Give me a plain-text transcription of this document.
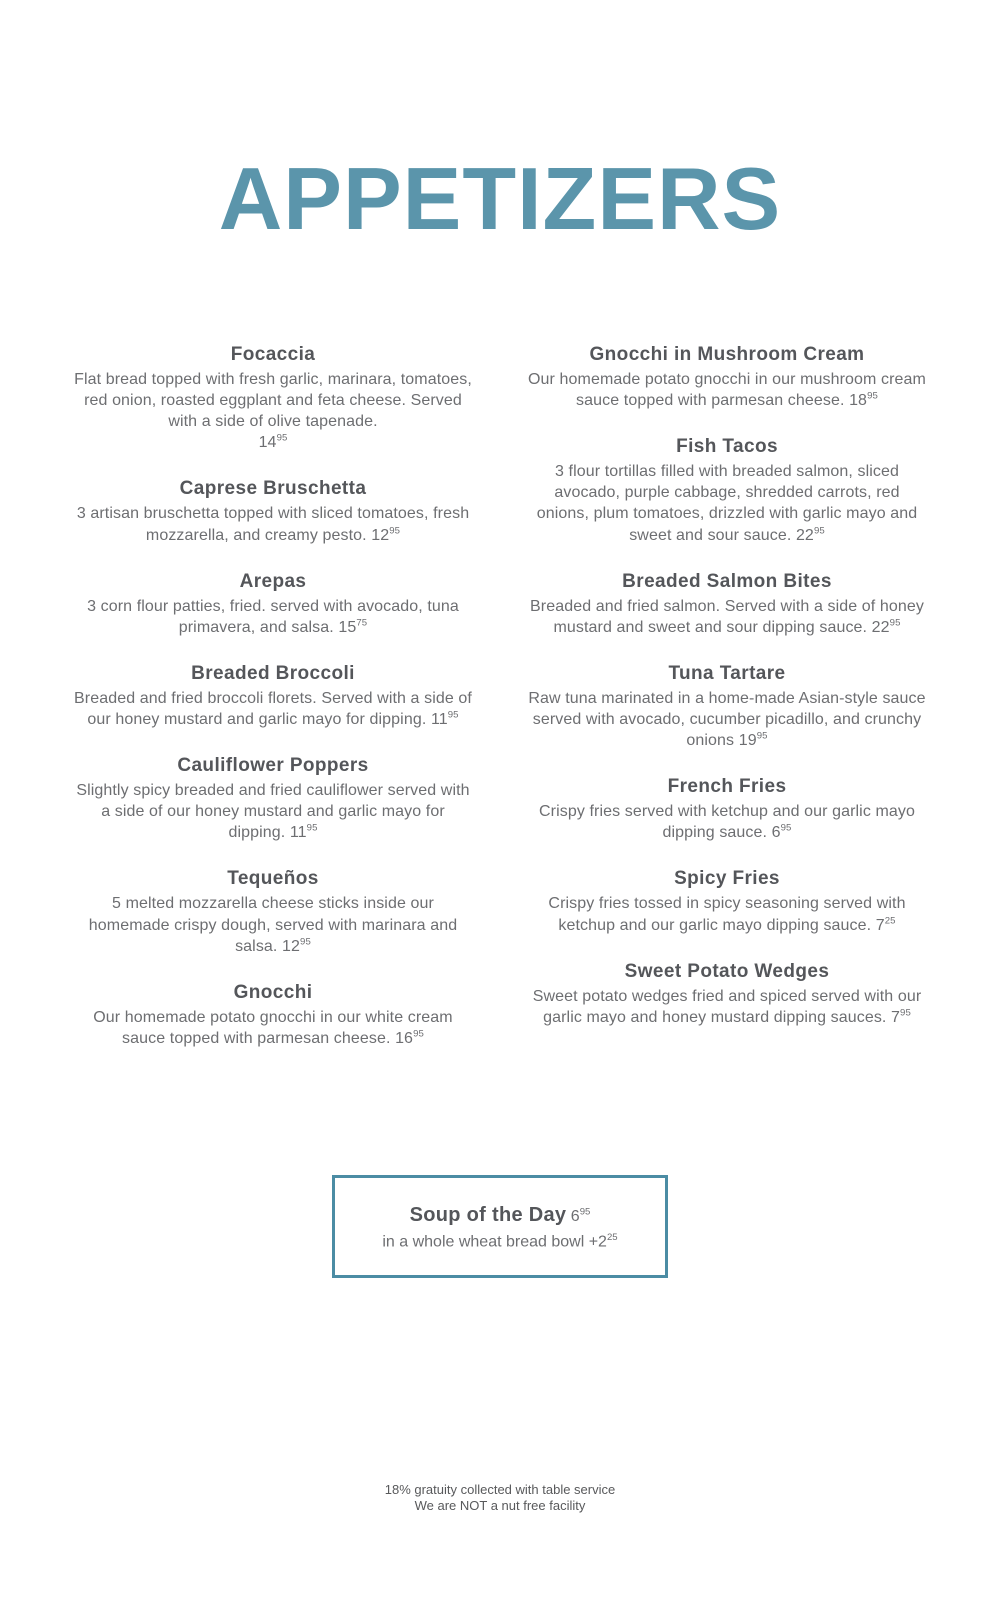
APPETIZERS
Focaccia

Flat bread topped with fresh garlic, marinara, tomatoes, red onion, roasted eggplant and feta cheese. Served with a side of olive tapenade.
$14^{95}$

Caprese Bruschetta

3 artisan bruschetta topped with sliced tomatoes, fresh mozzarella, and creamy pesto. $12^{95}$

Arepas

3 corn flour patties, fried. served with avocado, tuna primavera, and salsa. $15^{75}$

Breaded Broccoli

Breaded and fried broccoli florets. Served with a side of our honey mustard and garlic mayo for dipping. $11^{95}$

Cauliflower Poppers

Slightly spicy breaded and fried cauliflower served with a side of our honey mustard and garlic mayo for dipping. $11^{95}$

Tequeños

5 melted mozzarella cheese sticks inside our homemade crispy dough, served with marinara and salsa. $12^{95}$

Gnocchi

Our homemade potato gnocchi in our white cream sauce topped with parmesan cheese. $16^{95}$

Gnocchi in Mushroom Cream

Our homemade potato gnocchi in our mushroom cream sauce topped with parmesan cheese. $18^{95}$

Fish Tacos

3 flour tortillas filled with breaded salmon, sliced avocado, purple cabbage, shredded carrots, red onions, plum tomatoes, drizzled with garlic mayo and sweet and sour sauce. $22^{95}$

Breaded Salmon Bites

Breaded and fried salmon. Served with a side of honey mustard and sweet and sour dipping sauce. $22^{95}$

Tuna Tartare

Raw tuna marinated in a home-made Asian-style sauce served with avocado, cucumber picadillo, and crunchy onions $19^{95}$

French Fries

Crispy fries served with ketchup and our garlic mayo dipping sauce. $6^{95}$

Spicy Fries

Crispy fries tossed in spicy seasoning served with ketchup and our garlic mayo dipping sauce. $7^{25}$

Sweet Potato Wedges

Sweet potato wedges fried and spiced served with our garlic mayo and honey mustard dipping sauces. $7^{95}$

Soup of the Day $6^{95}$

in a whole wheat bread bowl $+2^{25}$

18% gratuity collected with table service
We are NOT a nut free facility
